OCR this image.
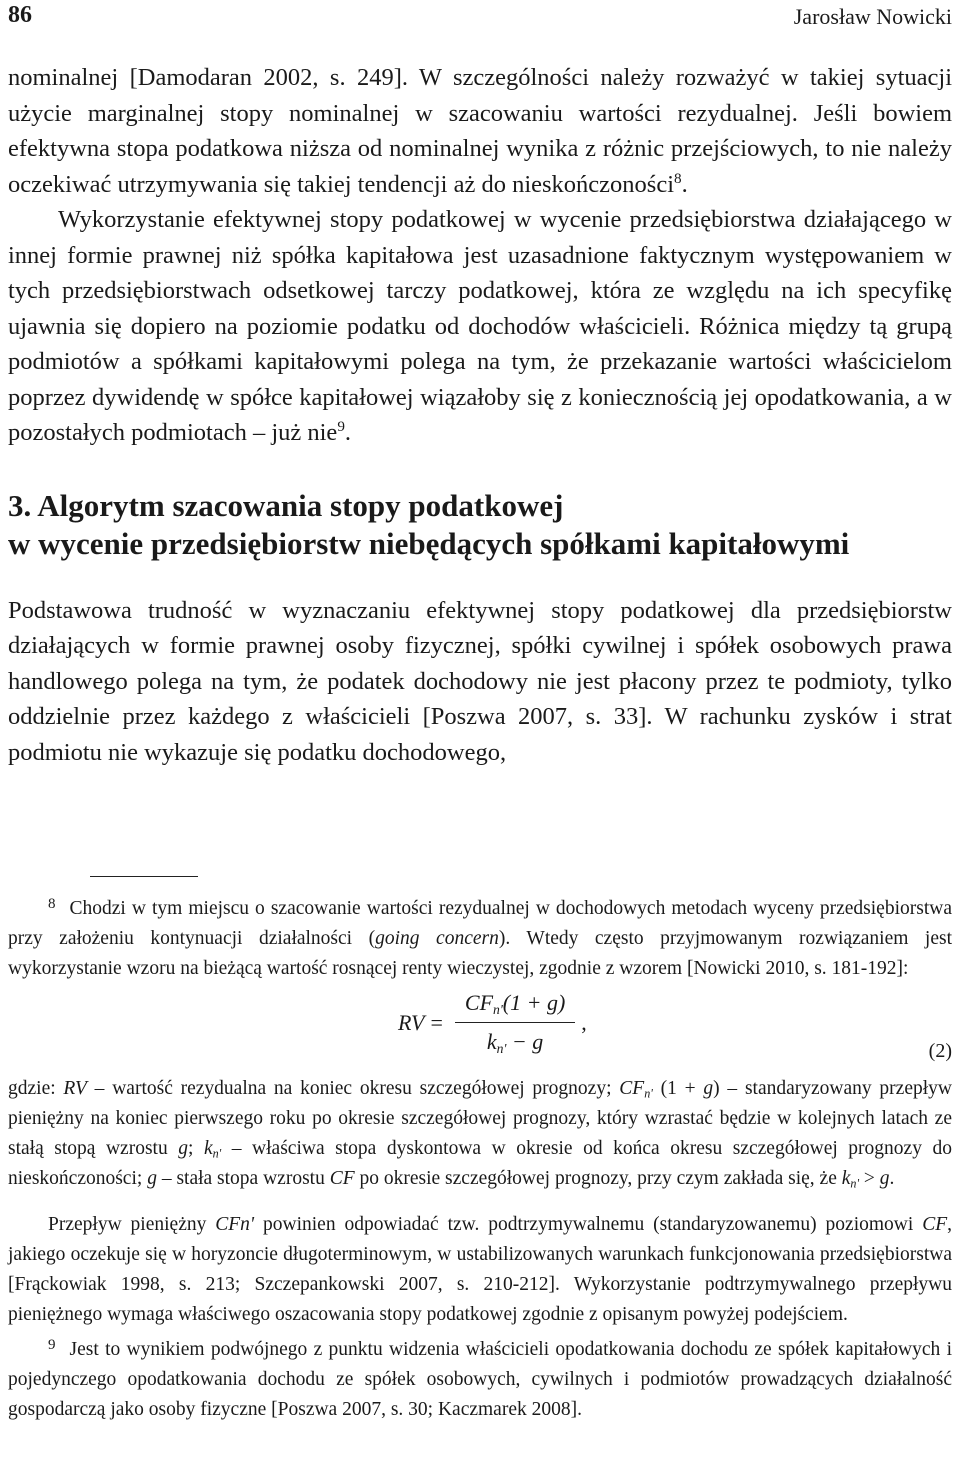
86	Jarosław Nowicki

nominalnej [Damodaran 2002, s. 249]. W szczególności należy rozważyć w takiej sytuacji użycie marginalnej stopy nominalnej w szacowaniu wartości rezydualnej. Jeśli bowiem efektywna stopa podatkowa niższa od nominalnej wynika z różnic przejściowych, to nie należy oczekiwać utrzymywania się takiej tendencji aż do nieskończoności$^8$.

Wykorzystanie efektywnej stopy podatkowej w wycenie przedsiębiorstwa działającego w innej formie prawnej niż spółka kapitałowa jest uzasadnione faktycznym występowaniem w tych przedsiębiorstwach odsetkowej tarczy podatkowej, która ze względu na ich specyfikę ujawnia się dopiero na poziomie podatku od dochodów właścicieli. Różnica między tą grupą podmiotów a spółkami kapitałowymi polega na tym, że przekazanie wartości właścicielom poprzez dywidendę w spółce kapitałowej wiązałoby się z koniecznością jej opodatkowania, a w pozostałych podmiotach – już nie$^9$.

3. Algorytm szacowania stopy podatkowej
w wycenie przedsiębiorstw niebędących spółkami kapitałowymi

Podstawowa trudność w wyznaczaniu efektywnej stopy podatkowej dla przedsiębiorstw działających w formie prawnej osoby fizycznej, spółki cywilnej i spółek osobowych prawa handlowego polega na tym, że podatek dochodowy nie jest płacony przez te podmioty, tylko oddzielnie przez każdego z właścicieli [Poszwa 2007, s. 33]. W rachunku zysków i strat podmiotu nie wykazuje się podatku dochodowego,

$^8$ Chodzi w tym miejscu o szacowanie wartości rezydualnej w dochodowych metodach wyceny przedsiębiorstwa przy założeniu kontynuacji działalności (going concern). Wtedy często przyjmowanym rozwiązaniem jest wykorzystanie wzoru na bieżącą wartość rosnącej renty wieczystej, zgodnie z wzorem [Nowicki 2010, s. 181-192]:

RV = $\frac{CF_{n'}(1 + g)}{k_{n'} - g}$ ,
(2)

gdzie: RV – wartość rezydualna na koniec okresu szczegółowej prognozy; $CF_{n'}$ (1 + g) – standaryzowany przepływ pieniężny na koniec pierwszego roku po okresie szczegółowej prognozy, który wzrastać będzie w kolejnych latach ze stałą stopą wzrostu g; $k_{n'}$ – właściwa stopa dyskontowa w okresie od końca okresu szczegółowej prognozy do nieskończoności; g – stała stopa wzrostu CF po okresie szczegółowej prognozy, przy czym zakłada się, że $k_{n'} > g$.

Przepływ pieniężny CFn' powinien odpowiadać tzw. podtrzymywalnemu (standaryzowanemu) poziomowi CF, jakiego oczekuje się w horyzoncie długoterminowym, w ustabilizowanych warunkach funkcjonowania przedsiębiorstwa [Frąckowiak 1998, s. 213; Szczepankowski 2007, s. 210-212]. Wykorzystanie podtrzymywalnego przepływu pieniężnego wymaga właściwego oszacowania stopy podatkowej zgodnie z opisanym powyżej podejściem.

$^9$ Jest to wynikiem podwójnego z punktu widzenia właścicieli opodatkowania dochodu ze spółek kapitałowych i pojedynczego opodatkowania dochodu ze spółek osobowych, cywilnych i podmiotów prowadzących działalność gospodarczą jako osoby fizyczne [Poszwa 2007, s. 30; Kaczmarek 2008].
